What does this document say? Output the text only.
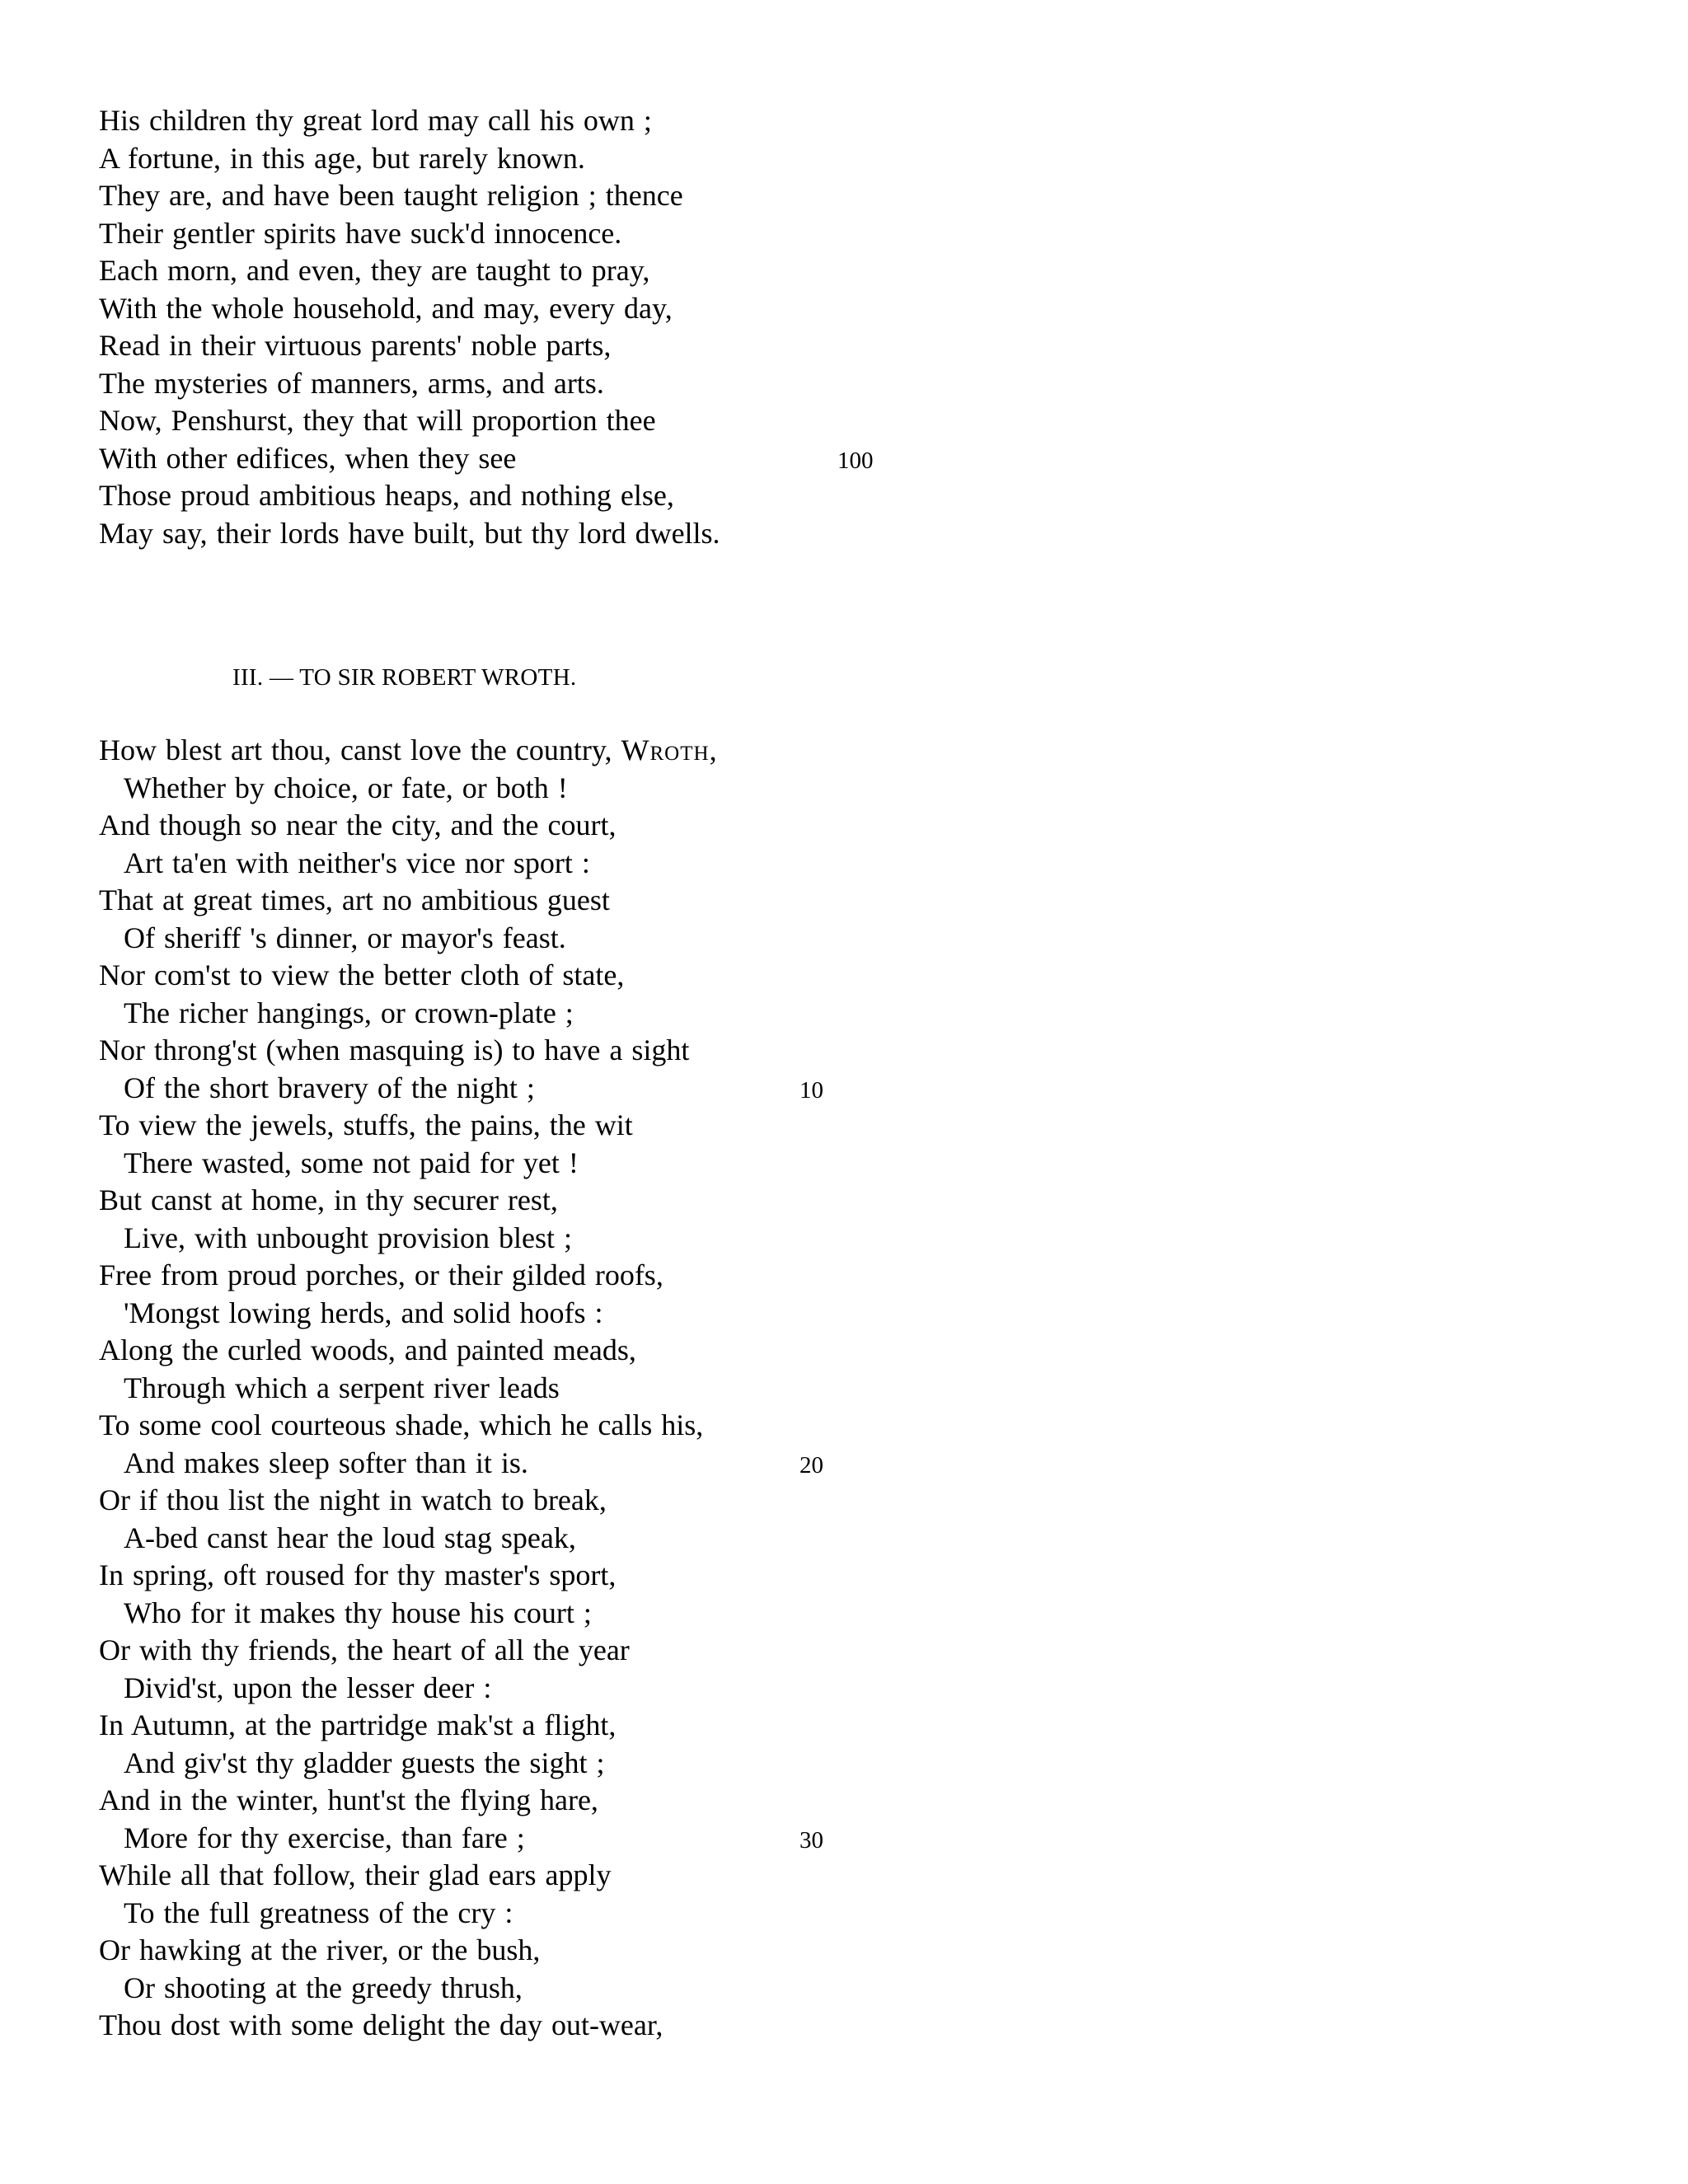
His children thy great lord may call his own ;
A fortune, in this age, but rarely known.
They are, and have been taught religion ; thence
Their gentler spirits have suck'd innocence.
Each morn, and even, they are taught to pray,
With the whole household, and may, every day,
Read in their virtuous parents' noble parts,
The mysteries of manners, arms, and arts.
Now, Penshurst, they that will proportion thee
With other edifices, when they see	100
Those proud ambitious heaps, and nothing else,
May say, their lords have built, but thy lord dwells.
III. — TO SIR ROBERT WROTH.
How blest art thou, canst love the country, Wroth,
Whether by choice, or fate, or both !
And though so near the city, and the court,
Art ta'en with neither's vice nor sport :
That at great times, art no ambitious guest
Of sheriff 's dinner, or mayor's feast.
Nor com'st to view the better cloth of state,
The richer hangings, or crown-plate ;
Nor throng'st (when masquing is) to have a sight
Of the short bravery of the night ;	10
To view the jewels, stuffs, the pains, the wit
There wasted, some not paid for yet !
But canst at home, in thy securer rest,
Live, with unbought provision blest ;
Free from proud porches, or their gilded roofs,
'Mongst lowing herds, and solid hoofs :
Along the curled woods, and painted meads,
Through which a serpent river leads
To some cool courteous shade, which he calls his,
And makes sleep softer than it is.	20
Or if thou list the night in watch to break,
A-bed canst hear the loud stag speak,
In spring, oft roused for thy master's sport,
Who for it makes thy house his court ;
Or with thy friends, the heart of all the year
Divid'st, upon the lesser deer :
In Autumn, at the partridge mak'st a flight,
And giv'st thy gladder guests the sight ;
And in the winter, hunt'st the flying hare,
More for thy exercise, than fare ;	30
While all that follow, their glad ears apply
To the full greatness of the cry :
Or hawking at the river, or the bush,
Or shooting at the greedy thrush,
Thou dost with some delight the day out-wear,
